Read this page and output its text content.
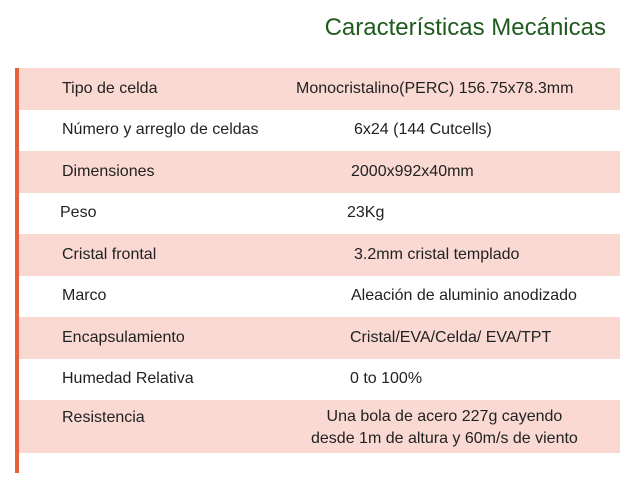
Características Mecánicas
Tipo de celda	Monocristalino(PERC) 156.75x78.3mm
Número y arreglo de celdas	6x24 (144 Cutcells)
Dimensiones	2000x992x40mm
Peso	23Kg
Cristal frontal	3.2mm cristal templado
Marco	Aleación de aluminio anodizado
Encapsulamiento	Cristal/EVA/Celda/ EVA/TPT
Humedad Relativa	0 to 100%
Resistencia	Una bola de acero 227g cayendo
desde 1m de altura y 60m/s de viento
